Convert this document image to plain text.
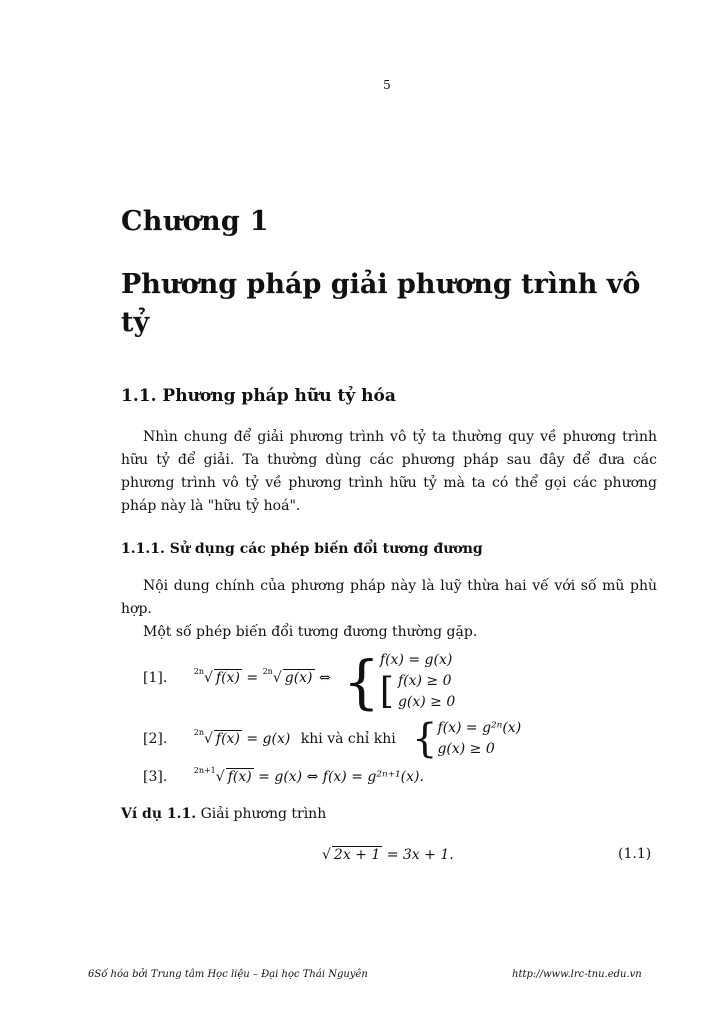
5
Chương 1
Phương pháp giải phương trình vô tỷ
1.1. Phương pháp hữu tỷ hóa
Nhìn chung để giải phương trình vô tỷ ta thường quy về phương trình hữu tỷ để giải. Ta thường dùng các phương pháp sau đây để đưa các phương trình vô tỷ về phương trình hữu tỷ mà ta có thể gọi các phương pháp này là "hữu tỷ hoá".
1.1.1. Sử dụng các phép biến đổi tương đương
Nội dung chính của phương pháp này là luỹ thừa hai vế với số mũ phù hợp.
Một số phép biến đổi tương đương thường gặp.
[1].	$^{2n}$√ f(x) = $^{2n}$√ g(x) ⇔ { f(x) = g(x)
[ f(x) ≥ 0
g(x) ≥ 0
[2].	$^{2n}$√ f(x) = g(x) khi và chỉ khi { f(x) = g²ⁿ(x)
g(x) ≥ 0
[3].	$^{2n+1}$√ f(x) = g(x) ⇔ f(x) = g²ⁿ⁺¹(x).
Ví dụ 1.1. Giải phương trình
√ 2x + 1 = 3x + 1.	(1.1)
6Số hóa bởi Trung tâm Học liệu – Đại học Thái Nguyên	http://www.lrc-tnu.edu.vn
